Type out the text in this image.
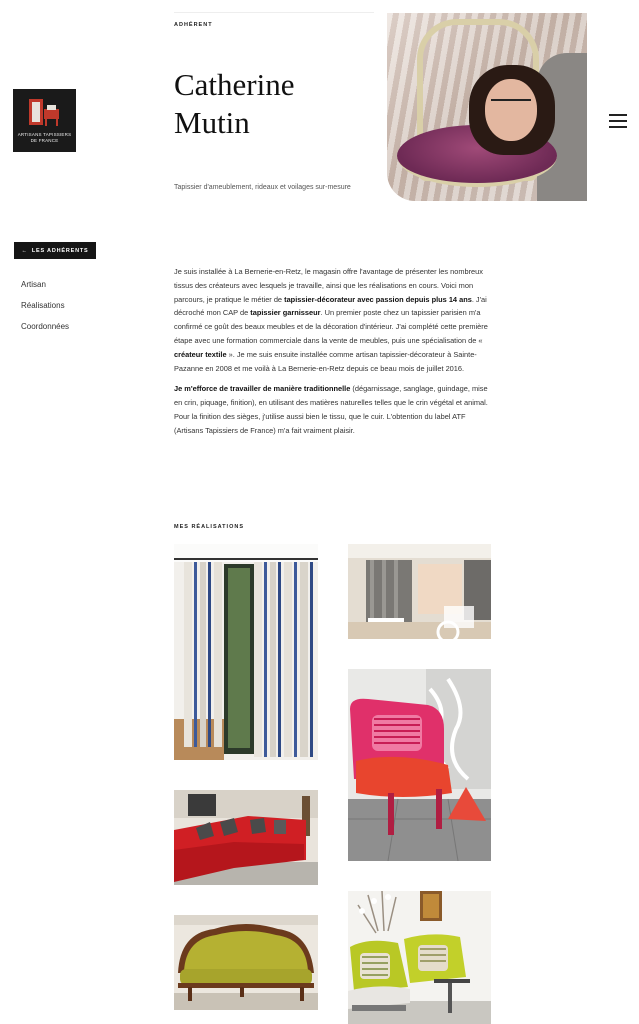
ARTISANS TAPISSIERS DE FRANCE
ADHÉRENT
Catherine
Mutin
Tapissier d'ameublement, rideaux et voilages sur-mesure
← LES ADHÉRENTS
Artisan
Réalisations
Coordonnées

Je suis installée à La Bernerie-en-Retz, le magasin offre l'avantage de présenter les nombreux tissus des créateurs avec lesquels je travaille, ainsi que les réalisations en cours. Voici mon parcours, je pratique le métier de tapissier-décorateur avec passion depuis plus 14 ans. J'ai décroché mon CAP de tapissier garnisseur. Un premier poste chez un tapissier parisien m'a confirmé ce goût des beaux meubles et de la décoration d'intérieur. J'ai complété cette première étape avec une formation commerciale dans la vente de meubles, puis une spécialisation de « créateur textile ». Je me suis ensuite installée comme artisan tapissier-décorateur à Sainte-Pazanne en 2008 et me voilà à La Bernerie-en-Retz depuis ce beau mois de juillet 2016.

Je m'efforce de travailler de manière traditionnelle (dégarnissage, sanglage, guindage, mise en crin, piquage, finition), en utilisant des matières naturelles telles que le crin végétal et animal. Pour la finition des sièges, j'utilise aussi bien le tissu, que le cuir. L'obtention du label ATF (Artisans Tapissiers de France) m'a fait vraiment plaisir.

MES RÉALISATIONS
